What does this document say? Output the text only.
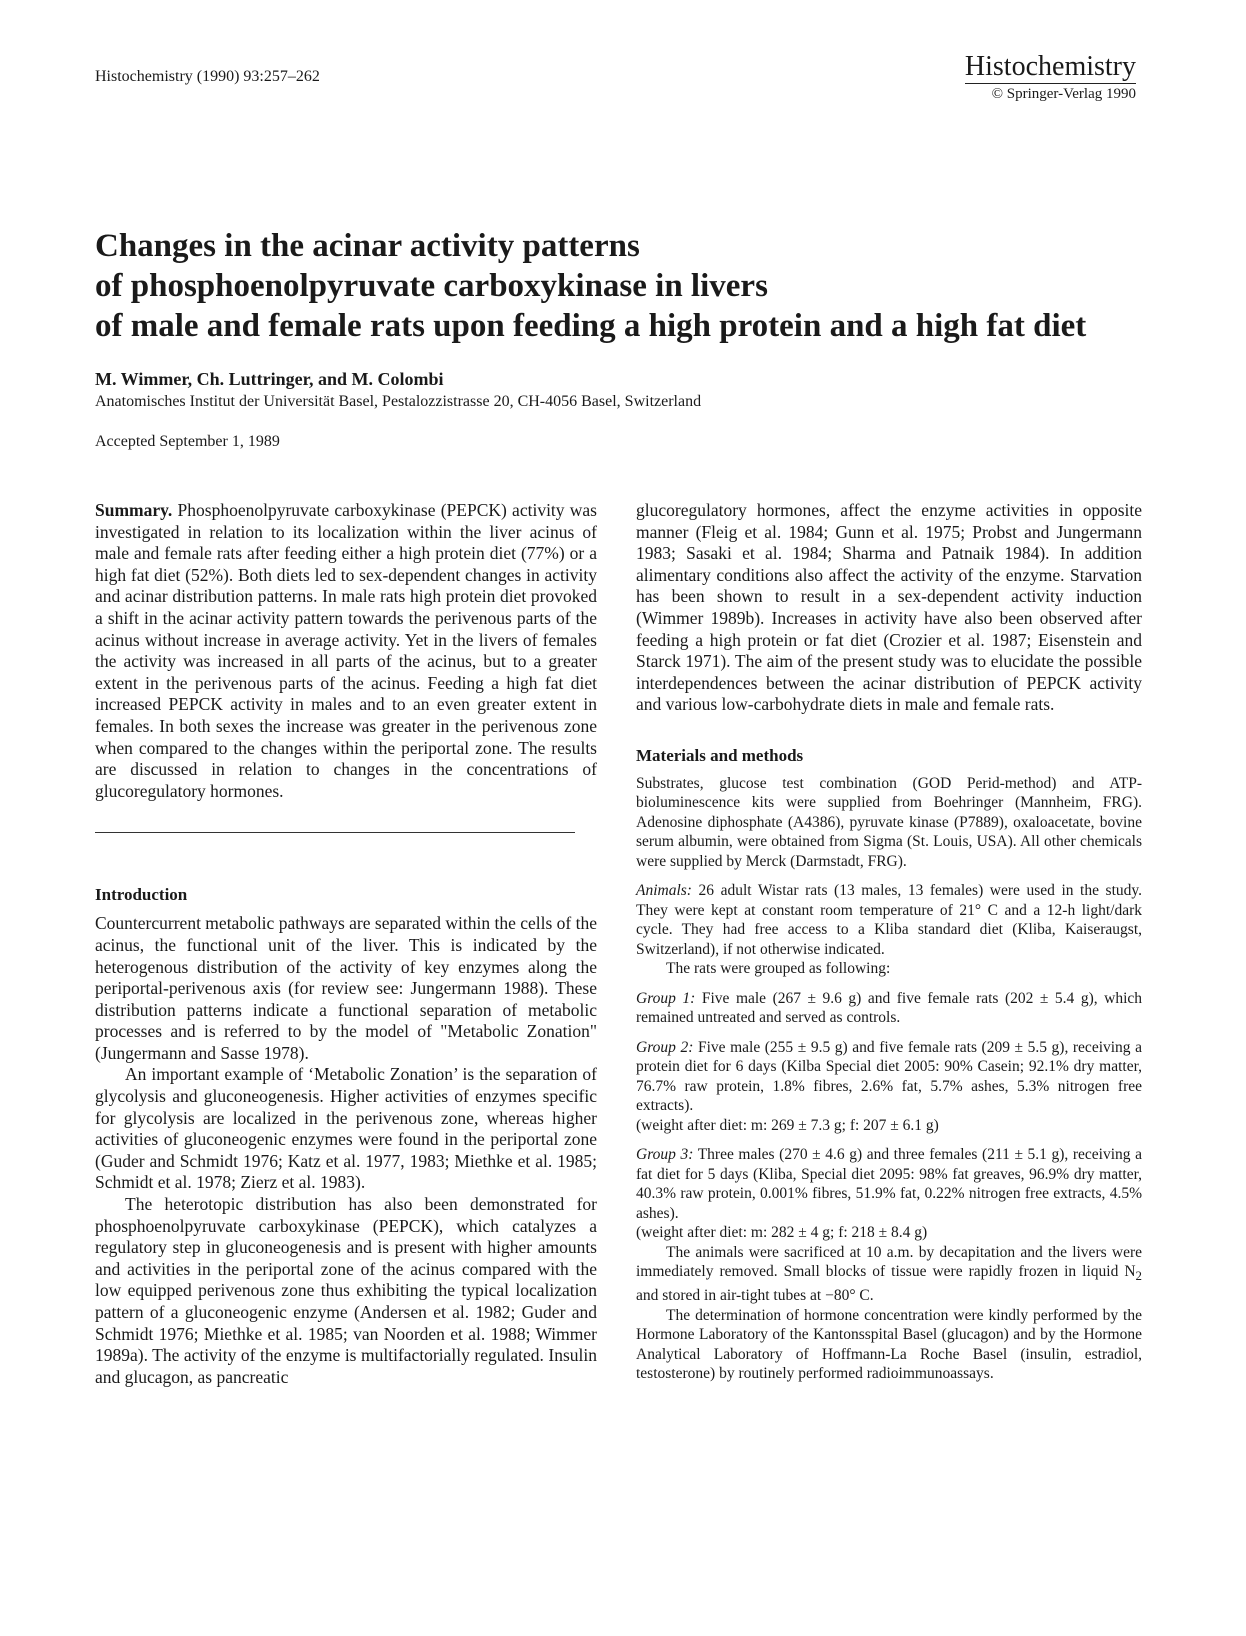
Histochemistry (1990) 93:257–262	Histochemistry
© Springer-Verlag 1990
Changes in the acinar activity patterns
of phosphoenolpyruvate carboxykinase in livers
of male and female rats upon feeding a high protein and a high fat diet
M. Wimmer, Ch. Luttringer, and M. Colombi
Anatomisches Institut der Universität Basel, Pestalozzistrasse 20, CH-4056 Basel, Switzerland
Accepted September 1, 1989

Summary. Phosphoenolpyruvate carboxykinase (PEPCK) activity was investigated in relation to its localization within the liver acinus of male and female rats after feeding either a high protein diet (77%) or a high fat diet (52%). Both diets led to sex-dependent changes in activity and acinar distribution patterns. In male rats high protein diet provoked a shift in the acinar activity pattern towards the perivenous parts of the acinus without increase in average activity. Yet in the livers of females the activity was increased in all parts of the acinus, but to a greater extent in the perivenous parts of the acinus. Feeding a high fat diet increased PEPCK activity in males and to an even greater extent in females. In both sexes the increase was greater in the perivenous zone when compared to the changes within the periportal zone. The results are discussed in relation to changes in the concentrations of glucoregulatory hormones.

Introduction

Countercurrent metabolic pathways are separated within the cells of the acinus, the functional unit of the liver. This is indicated by the heterogenous distribution of the activity of key enzymes along the periportal-perivenous axis (for review see: Jungermann 1988). These distribution patterns indicate a functional separation of metabolic processes and is referred to by the model of "Metabolic Zonation" (Jungermann and Sasse 1978).

An important example of ‘Metabolic Zonation’ is the separation of glycolysis and gluconeogenesis. Higher activities of enzymes specific for glycolysis are localized in the perivenous zone, whereas higher activities of gluconeogenic enzymes were found in the periportal zone (Guder and Schmidt 1976; Katz et al. 1977, 1983; Miethke et al. 1985; Schmidt et al. 1978; Zierz et al. 1983).

The heterotopic distribution has also been demonstrated for phosphoenolpyruvate carboxykinase (PEPCK), which catalyzes a regulatory step in gluconeogenesis and is present with higher amounts and activities in the periportal zone of the acinus compared with the low equipped perivenous zone thus exhibiting the typical localization pattern of a gluconeogenic enzyme (Andersen et al. 1982; Guder and Schmidt 1976; Miethke et al. 1985; van Noorden et al. 1988; Wimmer 1989a). The activity of the enzyme is multifactorially regulated. Insulin and glucagon, as pancreatic

glucoregulatory hormones, affect the enzyme activities in opposite manner (Fleig et al. 1984; Gunn et al. 1975; Probst and Jungermann 1983; Sasaki et al. 1984; Sharma and Patnaik 1984). In addition alimentary conditions also affect the activity of the enzyme. Starvation has been shown to result in a sex-dependent activity induction (Wimmer 1989b). Increases in activity have also been observed after feeding a high protein or fat diet (Crozier et al. 1987; Eisenstein and Starck 1971). The aim of the present study was to elucidate the possible interdependences between the acinar distribution of PEPCK activity and various low-carbohydrate diets in male and female rats.

Materials and methods

Substrates, glucose test combination (GOD Perid-method) and ATP-bioluminescence kits were supplied from Boehringer (Mannheim, FRG). Adenosine diphosphate (A4386), pyruvate kinase (P7889), oxaloacetate, bovine serum albumin, were obtained from Sigma (St. Louis, USA). All other chemicals were supplied by Merck (Darmstadt, FRG).

Animals: 26 adult Wistar rats (13 males, 13 females) were used in the study. They were kept at constant room temperature of 21° C and a 12-h light/dark cycle. They had free access to a Kliba standard diet (Kliba, Kaiseraugst, Switzerland), if not otherwise indicated.

The rats were grouped as following:

Group 1: Five male (267 ± 9.6 g) and five female rats (202 ± 5.4 g), which remained untreated and served as controls.

Group 2: Five male (255 ± 9.5 g) and five female rats (209 ± 5.5 g), receiving a protein diet for 6 days (Kilba Special diet 2005: 90% Casein; 92.1% dry matter, 76.7% raw protein, 1.8% fibres, 2.6% fat, 5.7% ashes, 5.3% nitrogen free extracts).

(weight after diet: m: 269 ± 7.3 g; f: 207 ± 6.1 g)

Group 3: Three males (270 ± 4.6 g) and three females (211 ± 5.1 g), receiving a fat diet for 5 days (Kliba, Special diet 2095: 98% fat greaves, 96.9% dry matter, 40.3% raw protein, 0.001% fibres, 51.9% fat, 0.22% nitrogen free extracts, 4.5% ashes).

(weight after diet: m: 282 ± 4 g; f: 218 ± 8.4 g)

The animals were sacrificed at 10 a.m. by decapitation and the livers were immediately removed. Small blocks of tissue were rapidly frozen in liquid $N_2$ and stored in air-tight tubes at −80° C.

The determination of hormone concentration were kindly performed by the Hormone Laboratory of the Kantonsspital Basel (glucagon) and by the Hormone Analytical Laboratory of Hoffmann-La Roche Basel (insulin, estradiol, testosterone) by routinely performed radioimmunoassays.
